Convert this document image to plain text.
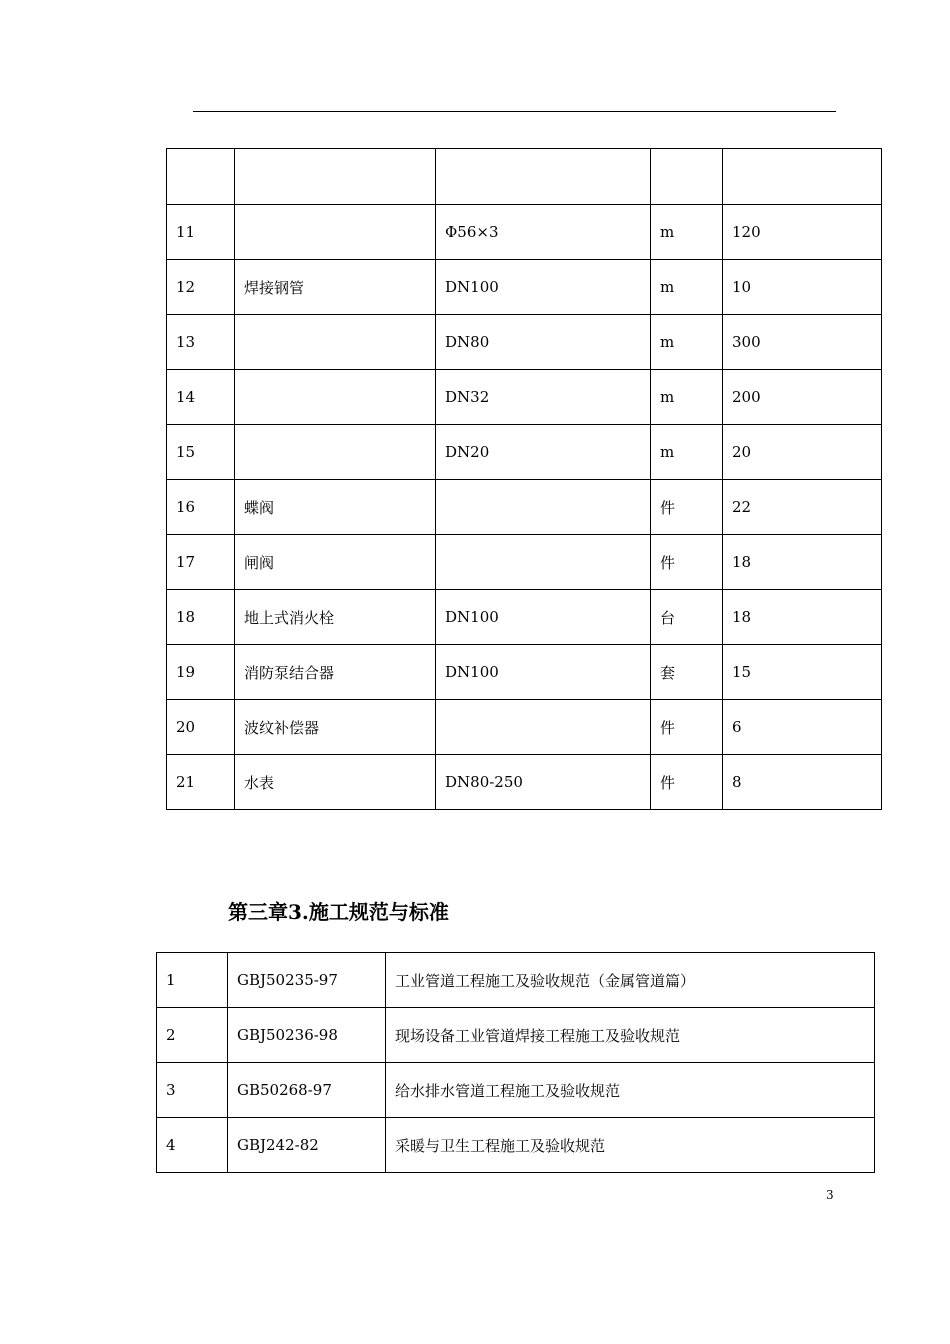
11		Φ56×3	m	120
12	焊接钢管	DN100	m	10
13		DN80	m	300
14		DN32	m	200
15		DN20	m	20
16	蝶阀		件	22
17	闸阀		件	18
18	地上式消火栓	DN100	台	18
19	消防泵结合器	DN100	套	15
20	波纹补偿器		件	6
21	水表	DN80-250	件	8
第三章3.施工规范与标准
1	GBJ50235-97	工业管道工程施工及验收规范（金属管道篇）
2	GBJ50236-98	现场设备工业管道焊接工程施工及验收规范
3	GB50268-97	给水排水管道工程施工及验收规范
4	GBJ242-82	采暖与卫生工程施工及验收规范
3
